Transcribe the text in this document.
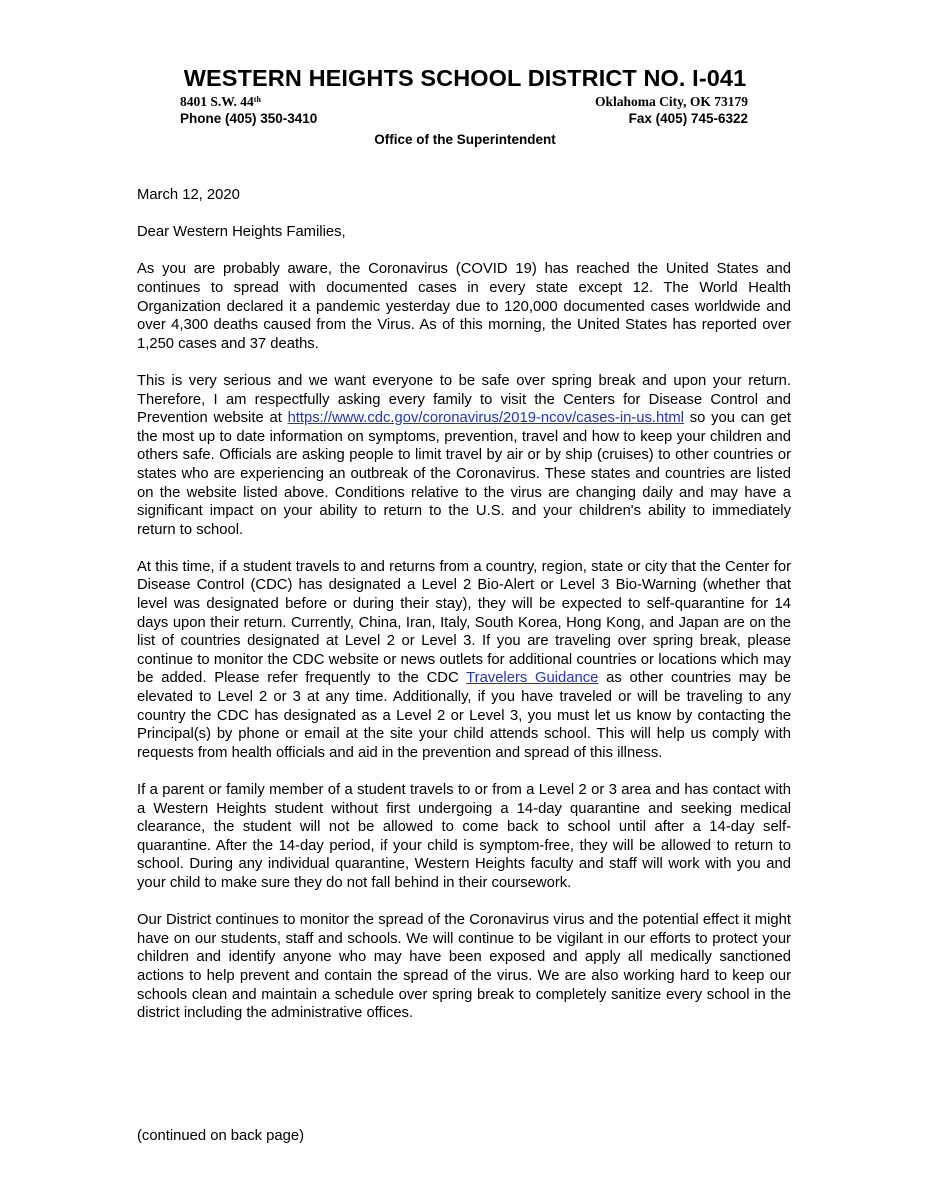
WESTERN HEIGHTS SCHOOL DISTRICT NO. I-041
8401 S.W. 44th	Oklahoma City, OK 73179
Phone (405) 350-3410	Fax (405) 745-6322
Office of the Superintendent

March 12, 2020

Dear Western Heights Families,

As you are probably aware, the Coronavirus (COVID 19) has reached the United States and continues to spread with documented cases in every state except 12. The World Health Organization declared it a pandemic yesterday due to 120,000 documented cases worldwide and over 4,300 deaths caused from the Virus. As of this morning, the United States has reported over 1,250 cases and 37 deaths.

This is very serious and we want everyone to be safe over spring break and upon your return. Therefore, I am respectfully asking every family to visit the Centers for Disease Control and Prevention website at https://www.cdc.gov/coronavirus/2019-ncov/cases-in-us.html so you can get the most up to date information on symptoms, prevention, travel and how to keep your children and others safe. Officials are asking people to limit travel by air or by ship (cruises) to other countries or states who are experiencing an outbreak of the Coronavirus. These states and countries are listed on the website listed above. Conditions relative to the virus are changing daily and may have a significant impact on your ability to return to the U.S. and your children's ability to immediately return to school.

At this time, if a student travels to and returns from a country, region, state or city that the Center for Disease Control (CDC) has designated a Level 2 Bio-Alert or Level 3 Bio-Warning (whether that level was designated before or during their stay), they will be expected to self-quarantine for 14 days upon their return. Currently, China, Iran, Italy, South Korea, Hong Kong, and Japan are on the list of countries designated at Level 2 or Level 3. If you are traveling over spring break, please continue to monitor the CDC website or news outlets for additional countries or locations which may be added. Please refer frequently to the CDC Travelers Guidance as other countries may be elevated to Level 2 or 3 at any time. Additionally, if you have traveled or will be traveling to any country the CDC has designated as a Level 2 or Level 3, you must let us know by contacting the Principal(s) by phone or email at the site your child attends school. This will help us comply with requests from health officials and aid in the prevention and spread of this illness.

If a parent or family member of a student travels to or from a Level 2 or 3 area and has contact with a Western Heights student without first undergoing a 14-day quarantine and seeking medical clearance, the student will not be allowed to come back to school until after a 14-day self-quarantine. After the 14-day period, if your child is symptom-free, they will be allowed to return to school. During any individual quarantine, Western Heights faculty and staff will work with you and your child to make sure they do not fall behind in their coursework.

Our District continues to monitor the spread of the Coronavirus virus and the potential effect it might have on our students, staff and schools. We will continue to be vigilant in our efforts to protect your children and identify anyone who may have been exposed and apply all medically sanctioned actions to help prevent and contain the spread of the virus. We are also working hard to keep our schools clean and maintain a schedule over spring break to completely sanitize every school in the district including the administrative offices.

(continued on back page)
